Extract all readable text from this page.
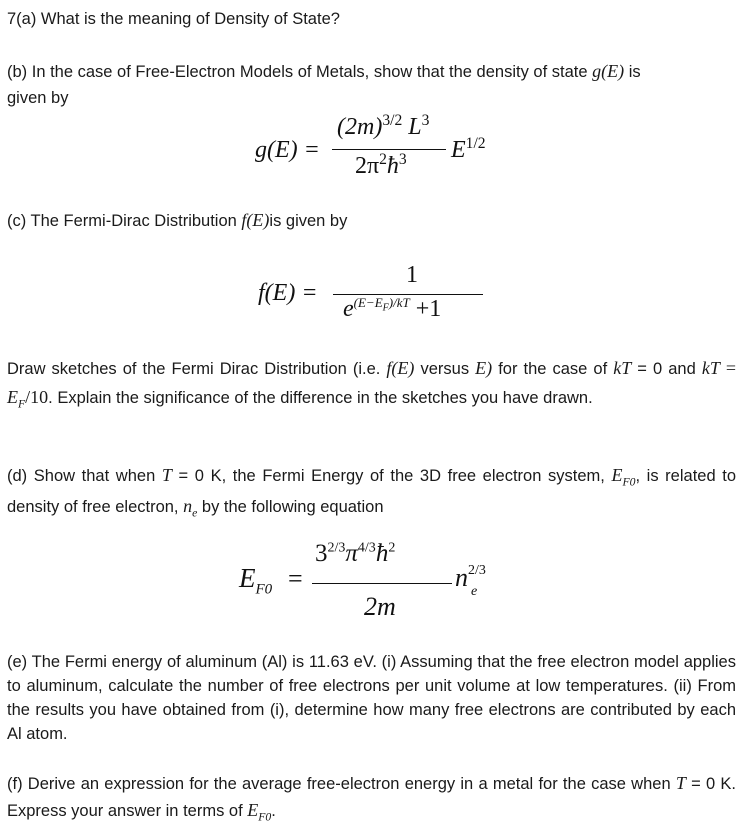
7(a) What is the meaning of Density of State?

(b) In the case of Free-Electron Models of Metals, show that the density of state g(E) is
given by

g(E) =
$(2m)^{3/2}$ $L^3$
$2\pi^2ħ^3$ $E^{1/2}$

(c) The Fermi-Dirac Distribution f(E)is given by

f(E) =
1
$e^{(E-E_F)/kT} +1$

Draw sketches of the Fermi Dirac Distribution (i.e. f(E) versus E) for the case of kT = 0 and kT = $E_F/10$. Explain the significance of the difference in the sketches you have drawn.

(d) Show that when T = 0 K, the Fermi Energy of the 3D free electron system, $E_{F0}$, is related to density of free electron, $n_e$ by the following equation

$E_{F0}$ =
$3^{2/3}\pi^{4/3}ħ^2$
2m
$n^{2/3}$
e

(e) The Fermi energy of aluminum (Al) is 11.63 eV. (i) Assuming that the free electron model applies to aluminum, calculate the number of free electrons per unit volume at low temperatures. (ii) From the results you have obtained from (i), determine how many free electrons are contributed by each Al atom.

(f) Derive an expression for the average free-electron energy in a metal for the case when T = 0 K. Express your answer in terms of $E_{F0}$.
